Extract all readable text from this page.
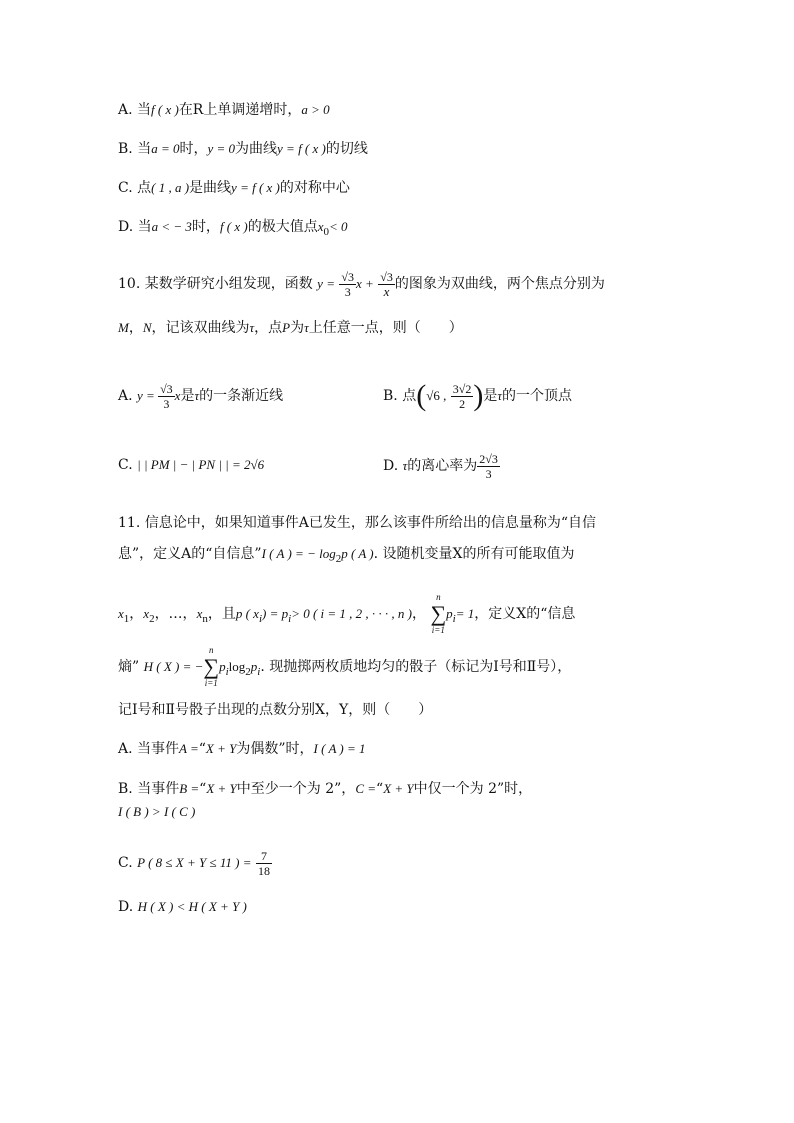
A. 当f ( x )在R上单调递增时，a > 0
B. 当a = 0时，y = 0为曲线y = f ( x )的切线
C. 点( 1 , a )是曲线y = f ( x )的对称中心
D. 当a < − 3时，f ( x )的极大值点$x_0< 0$
10. 某数学研究小组发现，函数 $y = \frac{√3}{3}$ $x + \frac{√3}{x}$ 的图象为双曲线，两个焦点分别为
M，N，记该双曲线为τ，点P为τ上任意一点，则（　　）
A. $y = \frac{√3}{3}$ x是τ的一条渐近线	B. 点(√6 , $\frac{3√2}{2}$ )是τ的一个顶点
C. | | PM | − | PN | | = 2√6	D. τ的离心率为 $\frac{2√3}{3}$
11. 信息论中，如果知道事件A已发生，那么该事件所给出的信息量称为“自信
息”，定义A的“自信息”I ( A ) = − $\log_2p$ ( A ). 设随机变量X的所有可能取值为
$x_1$，$x_2$，…，$x_n$，且p ( $x_i) = p_i> 0$ ( i = 1 , 2 , · · · , n )，
n
∑
i=1
$p_i= 1$，定义X的“信息
熵” H ( X ) = −
n
∑
i=1
$p_i\log_2p_i$. 现抛掷两枚质地均匀的骰子（标记为Ⅰ号和Ⅱ号），
记Ⅰ号和Ⅱ号骰子出现的点数分别X，Y，则（　　）
A. 当事件A =“X + Y为偶数”时，I ( A ) = 1
B. 当事件B =“X + Y中至少一个为 2”，C =“X + Y中仅一个为 2”时，
I ( B ) > I ( C )
C. P ( 8 ≤ X + Y ≤ 11 ) = $\frac{7}{18}$
D. H ( X ) < H ( X + Y )
